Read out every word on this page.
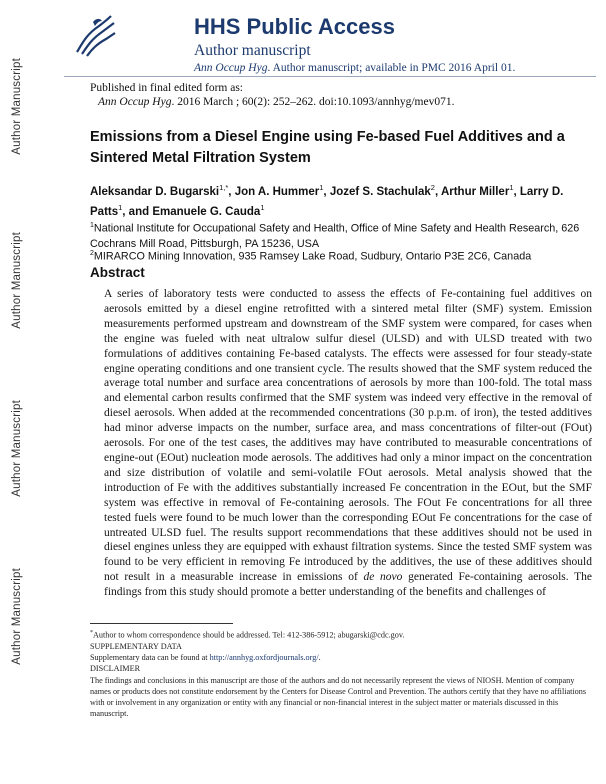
Author Manuscript
Author Manuscript
Author Manuscript
Author Manuscript
HHS Public Access
Author manuscript
Ann Occup Hyg. Author manuscript; available in PMC 2016 April 01.
Published in final edited form as:
Ann Occup Hyg. 2016 March ; 60(2): 252–262. doi:10.1093/annhyg/mev071.
Emissions from a Diesel Engine using Fe-based Fuel Additives and a Sintered Metal Filtration System
Aleksandar D. Bugarski$^{1,*}$, Jon A. Hummer$^1$, Jozef S. Stachulak$^2$, Arthur Miller$^1$, Larry D. Patts$^1$, and Emanuele G. Cauda$^1$
$^1$National Institute for Occupational Safety and Health, Office of Mine Safety and Health Research, 626 Cochrans Mill Road, Pittsburgh, PA 15236, USA
$^2$MIRARCO Mining Innovation, 935 Ramsey Lake Road, Sudbury, Ontario P3E 2C6, Canada
Abstract
A series of laboratory tests were conducted to assess the effects of Fe-containing fuel additives on aerosols emitted by a diesel engine retrofitted with a sintered metal filter (SMF) system. Emission measurements performed upstream and downstream of the SMF system were compared, for cases when the engine was fueled with neat ultralow sulfur diesel (ULSD) and with ULSD treated with two formulations of additives containing Fe-based catalysts. The effects were assessed for four steady-state engine operating conditions and one transient cycle. The results showed that the SMF system reduced the average total number and surface area concentrations of aerosols by more than 100-fold. The total mass and elemental carbon results confirmed that the SMF system was indeed very effective in the removal of diesel aerosols. When added at the recommended concentrations (30 p.p.m. of iron), the tested additives had minor adverse impacts on the number, surface area, and mass concentrations of filter-out (FOut) aerosols. For one of the test cases, the additives may have contributed to measurable concentrations of engine-out (EOut) nucleation mode aerosols. The additives had only a minor impact on the concentration and size distribution of volatile and semi-volatile FOut aerosols. Metal analysis showed that the introduction of Fe with the additives substantially increased Fe concentration in the EOut, but the SMF system was effective in removal of Fe-containing aerosols. The FOut Fe concentrations for all three tested fuels were found to be much lower than the corresponding EOut Fe concentrations for the case of untreated ULSD fuel. The results support recommendations that these additives should not be used in diesel engines unless they are equipped with exhaust filtration systems. Since the tested SMF system was found to be very efficient in removing Fe introduced by the additives, the use of these additives should not result in a measurable increase in emissions of de novo generated Fe-containing aerosols. The findings from this study should promote a better understanding of the benefits and challenges of

*Author to whom correspondence should be addressed. Tel: 412-386-5912; abugarski@cdc.gov.

SUPPLEMENTARY DATA

Supplementary data can be found at http://annhyg.oxfordjournals.org/.

DISCLAIMER

The findings and conclusions in this manuscript are those of the authors and do not necessarily represent the views of NIOSH. Mention of company names or products does not constitute endorsement by the Centers for Disease Control and Prevention. The authors certify that they have no affiliations with or involvement in any organization or entity with any financial or non-financial interest in the subject matter or materials discussed in this manuscript.
